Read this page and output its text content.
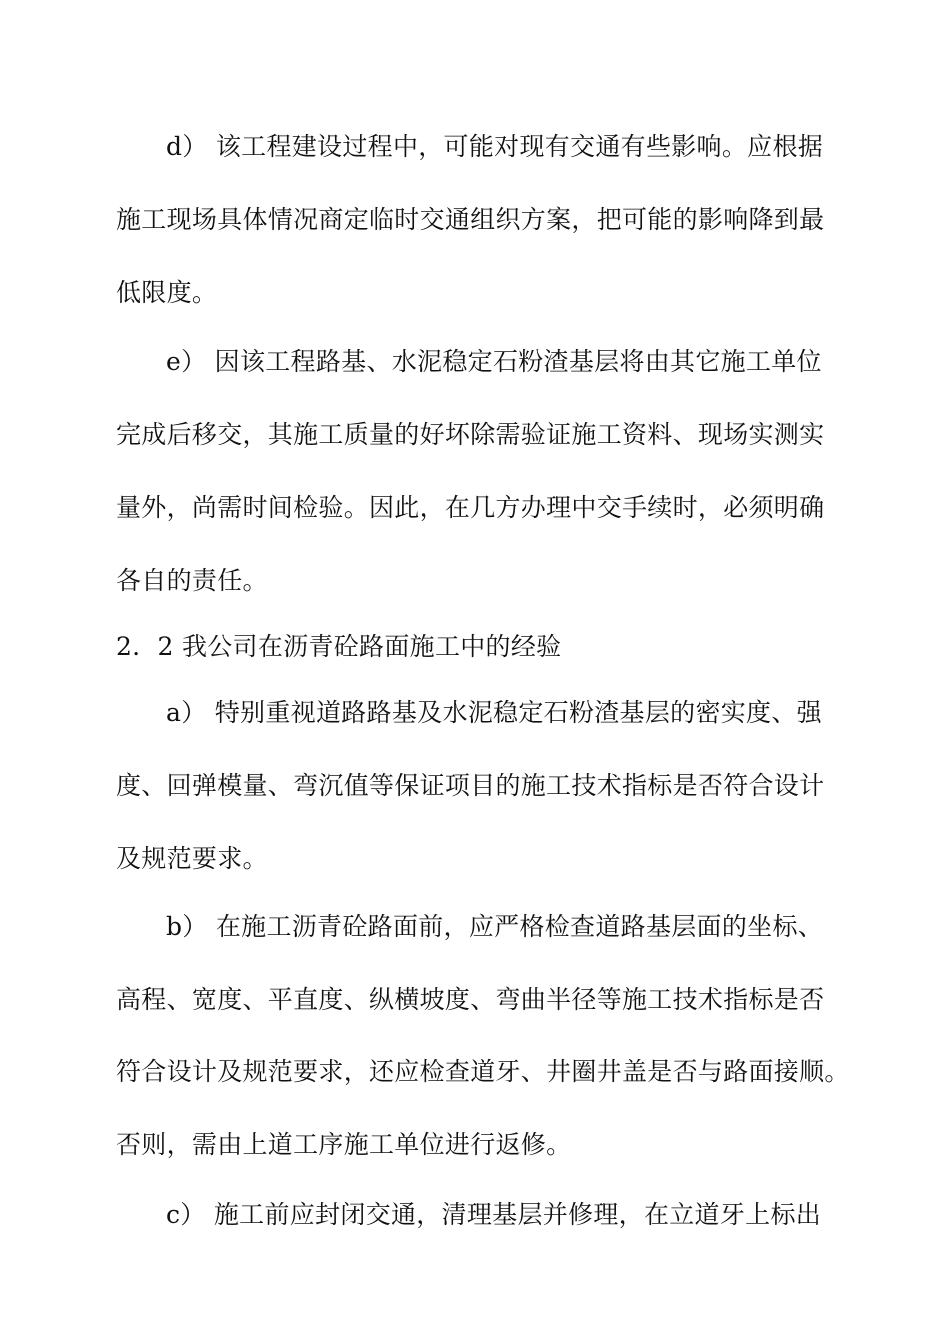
d） 该工程建设过程中，可能对现有交通有些影响。应根据
施工现场具体情况商定临时交通组织方案，把可能的影响降到最
低限度。
e） 因该工程路基、水泥稳定石粉渣基层将由其它施工单位
完成后移交，其施工质量的好坏除需验证施工资料、现场实测实
量外，尚需时间检验。因此，在几方办理中交手续时，必须明确
各自的责任。
2．2 我公司在沥青砼路面施工中的经验
a） 特别重视道路路基及水泥稳定石粉渣基层的密实度、强
度、回弹模量、弯沉值等保证项目的施工技术指标是否符合设计
及规范要求。
b） 在施工沥青砼路面前，应严格检查道路基层面的坐标、
高程、宽度、平直度、纵横坡度、弯曲半径等施工技术指标是否
符合设计及规范要求，还应检查道牙、井圈井盖是否与路面接顺。
否则，需由上道工序施工单位进行返修。
c） 施工前应封闭交通，清理基层并修理，在立道牙上标出
